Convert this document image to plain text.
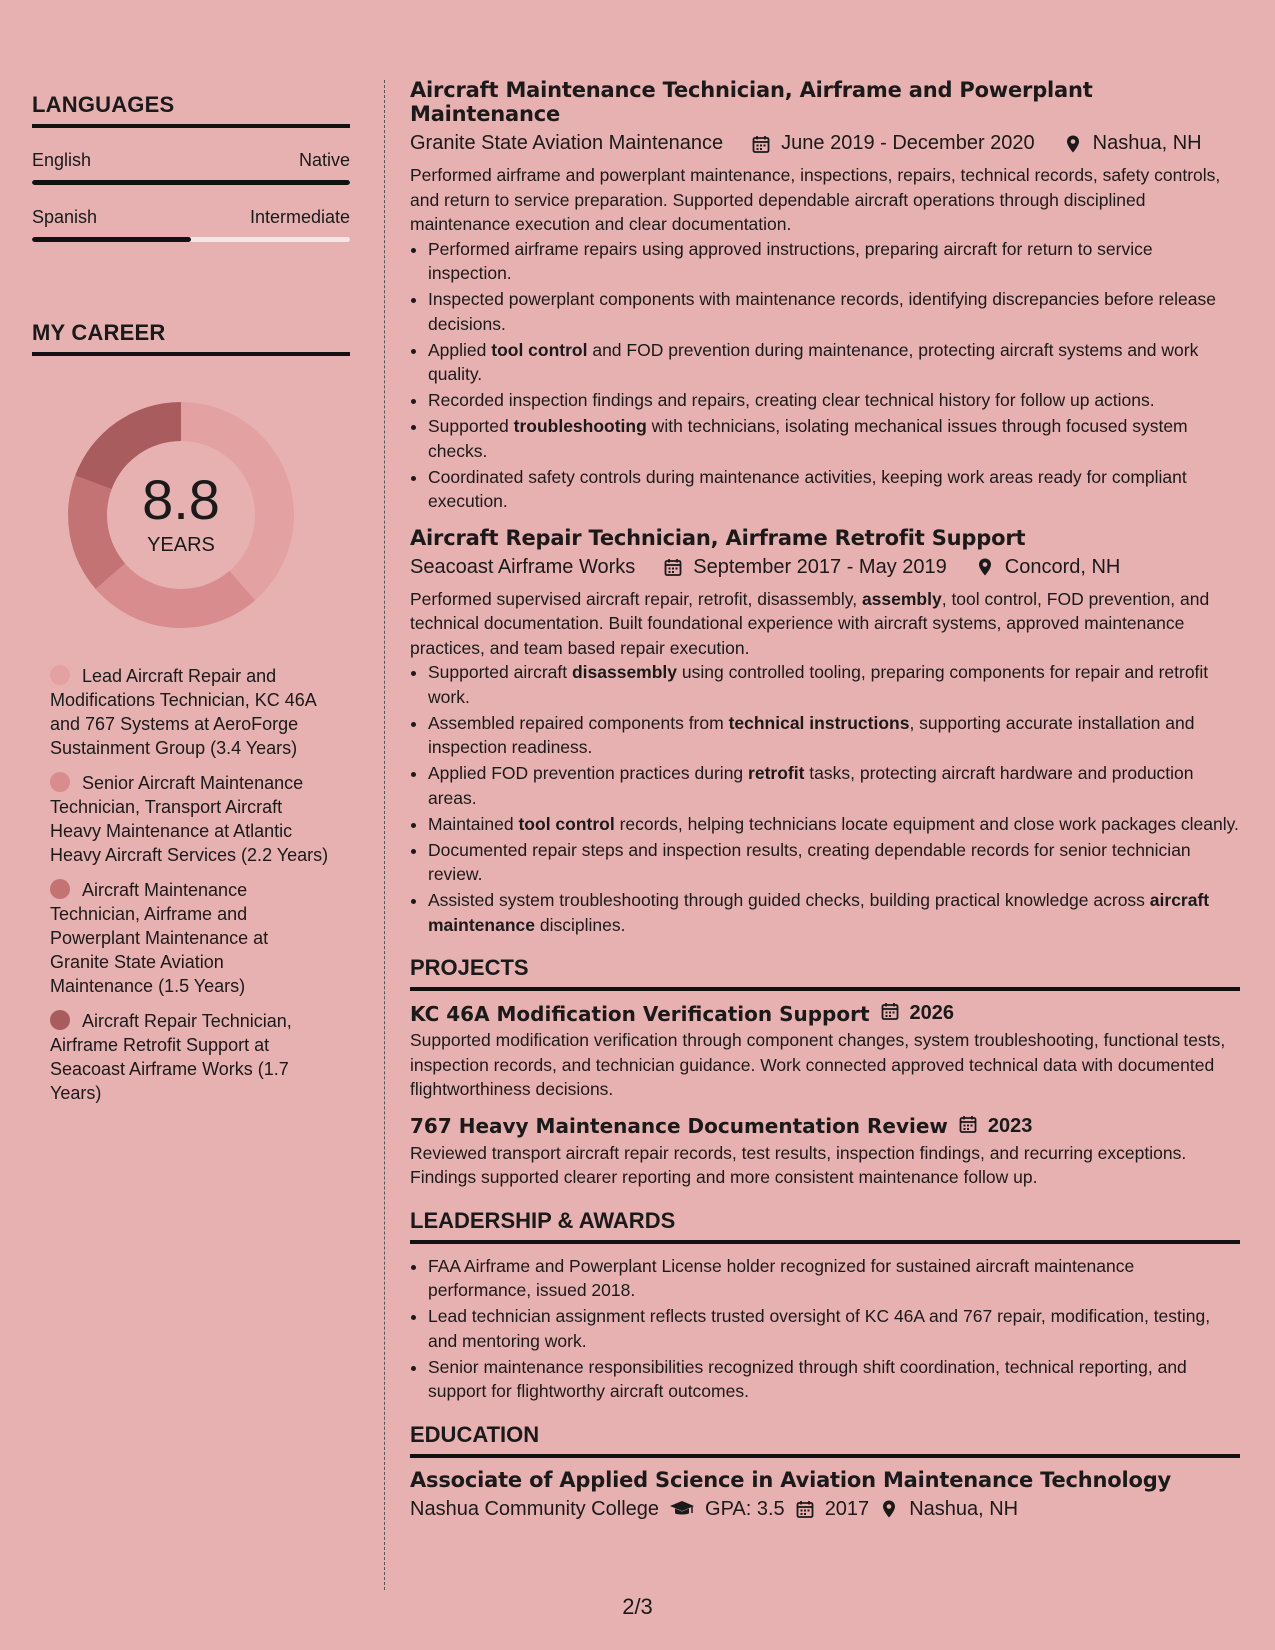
LANGUAGES
English	Native
Spanish	Intermediate
MY CAREER
8.8
YEARS
Lead Aircraft Repair and Modifications Technician, KC 46A and 767 Systems at AeroForge Sustainment Group (3.4 Years)
Senior Aircraft Maintenance Technician, Transport Aircraft Heavy Maintenance at Atlantic Heavy Aircraft Services (2.2 Years)
Aircraft Maintenance Technician, Airframe and Powerplant Maintenance at Granite State Aviation Maintenance (1.5 Years)
Aircraft Repair Technician, Airframe Retrofit Support at Seacoast Airframe Works (1.7 Years)
Aircraft Maintenance Technician, Airframe and Powerplant Maintenance
Granite State Aviation Maintenance	June 2019 - December 2020	Nashua, NH

Performed airframe and powerplant maintenance, inspections, repairs, technical records, safety controls, and return to service preparation. Supported dependable aircraft operations through disciplined maintenance execution and clear documentation.

• Performed airframe repairs using approved instructions, preparing aircraft for return to service inspection.
• Inspected powerplant components with maintenance records, identifying discrepancies before release decisions.
• Applied tool control and FOD prevention during maintenance, protecting aircraft systems and work quality.
• Recorded inspection findings and repairs, creating clear technical history for follow up actions.
• Supported troubleshooting with technicians, isolating mechanical issues through focused system checks.
• Coordinated safety controls during maintenance activities, keeping work areas ready for compliant execution.
Aircraft Repair Technician, Airframe Retrofit Support
Seacoast Airframe Works	September 2017 - May 2019	Concord, NH

Performed supervised aircraft repair, retrofit, disassembly, assembly, tool control, FOD prevention, and technical documentation. Built foundational experience with aircraft systems, approved maintenance practices, and team based repair execution.

• Supported aircraft disassembly using controlled tooling, preparing components for repair and retrofit work.
• Assembled repaired components from technical instructions, supporting accurate installation and inspection readiness.
• Applied FOD prevention practices during retrofit tasks, protecting aircraft hardware and production areas.
• Maintained tool control records, helping technicians locate equipment and close work packages cleanly.
• Documented repair steps and inspection results, creating dependable records for senior technician review.
• Assisted system troubleshooting through guided checks, building practical knowledge across aircraft maintenance disciplines.
PROJECTS
KC 46A Modification Verification Support 2026

Supported modification verification through component changes, system troubleshooting, functional tests, inspection records, and technician guidance. Work connected approved technical data with documented flightworthiness decisions.

767 Heavy Maintenance Documentation Review 2023

Reviewed transport aircraft repair records, test results, inspection findings, and recurring exceptions. Findings supported clearer reporting and more consistent maintenance follow up.

LEADERSHIP & AWARDS
• FAA Airframe and Powerplant License holder recognized for sustained aircraft maintenance performance, issued 2018.
• Lead technician assignment reflects trusted oversight of KC 46A and 767 repair, modification, testing, and mentoring work.
• Senior maintenance responsibilities recognized through shift coordination, technical reporting, and support for flightworthy aircraft outcomes.
EDUCATION
Associate of Applied Science in Aviation Maintenance Technology
Nashua Community College GPA: 3.5 2017 Nashua, NH
2/3
